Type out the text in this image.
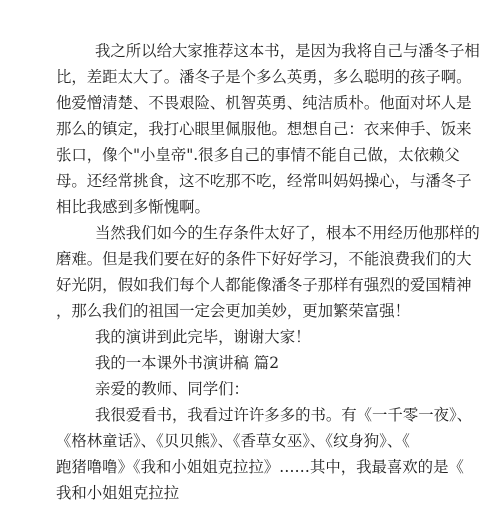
我之所以给大家推荐这本书，是因为我将自己与潘冬子相
比，差距太大了。潘冬子是个多么英勇，多么聪明的孩子啊。
他爱憎清楚、不畏艰险、机智英勇、纯洁质朴。他面对坏人是
那么的镇定，我打心眼里佩服他。想想自己：衣来伸手、饭来
张口，像个"小皇帝".很多自己的事情不能自己做，太依赖父
母。还经常挑食，这不吃那不吃，经常叫妈妈操心，与潘冬子
相比我感到多惭愧啊。
当然我们如今的生存条件太好了，根本不用经历他那样的
磨难。但是我们要在好的条件下好好学习，不能浪费我们的大
好光阴，假如我们每个人都能像潘冬子那样有强烈的爱国精神
，那么我们的祖国一定会更加美妙，更加繁荣富强！
我的演讲到此完毕，谢谢大家！
我的一本课外书演讲稿 篇2
亲爱的教师、同学们：
我很爱看书，我看过许许多多的书。有《一千零一夜》、
《格林童话》、《贝贝熊》、《香草女巫》、《纹身狗》、《
跑猪噜噜》《我和小姐姐克拉拉》……其中，我最喜欢的是《
我和小姐姐克拉拉
